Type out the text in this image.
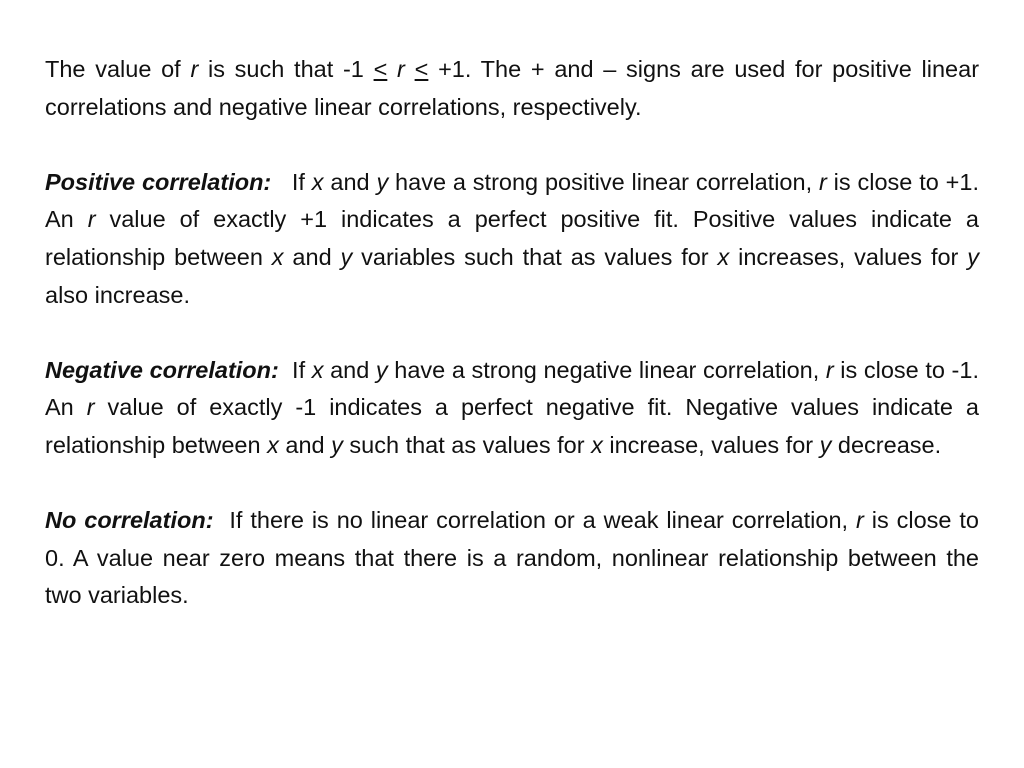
The value of r is such that -1 ≤ r ≤ +1. The + and – signs are used for positive linear correlations and negative linear correlations, respectively.

Positive correlation:   If x and y have a strong positive linear correlation, r is close to +1. An r value of exactly +1 indicates a perfect positive fit. Positive values indicate a relationship between x and y variables such that as values for x increases, values for y also increase.

Negative correlation:  If x and y have a strong negative linear correlation, r is close to -1. An r value of exactly -1 indicates a perfect negative fit. Negative values indicate a relationship between x and y such that as values for x increase, values for y decrease.

No correlation:  If there is no linear correlation or a weak linear correlation, r is close to 0. A value near zero means that there is a random, nonlinear relationship between the two variables.
